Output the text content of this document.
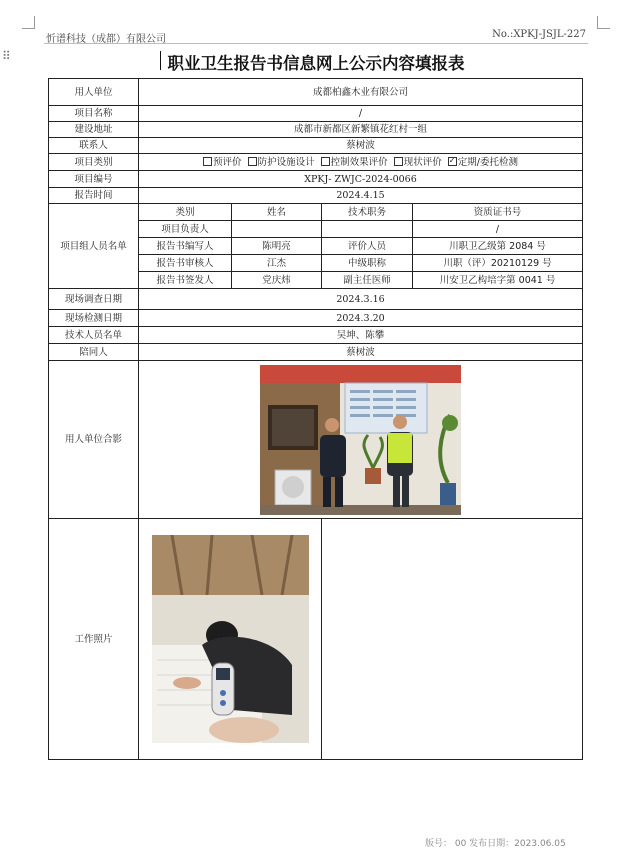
忻谱科技（成都）有限公司	No.:XPKJ-JSJL-227
⠿	职业卫生报告书信息网上公示内容填报表
用人单位	成都柏鑫木业有限公司			
项目名称	/			
建设地址	成都市新都区新繁镇花红村一组			
联系人	蔡树波			
项目类别	预评价 防护设施设计 控制效果评价 现状评价 ✓ 定期/委托检测
项目编号	XPKJ- ZWJC-2024-0066			
报告时间	2024.4.15			
项目组人员名单	类别	姓名	技术职务	资质证书号
	项目负责人			/
	报告书编写人	陈明亮	评价人员	川职卫乙级第 2084 号
	报告书审核人	江杰	中级职称	川职（评）20210129 号
	报告书签发人	党庆炜	副主任医师	川安卫乙构培字第 0041 号
现场调查日期	2024.3.16			
现场检测日期	2024.3.20			
技术人员名单	吴坤、陈攀			
陪同人	蔡树波			
用人单位合影	

工作照片	

版号： 00 发布日期：2023.06.05
